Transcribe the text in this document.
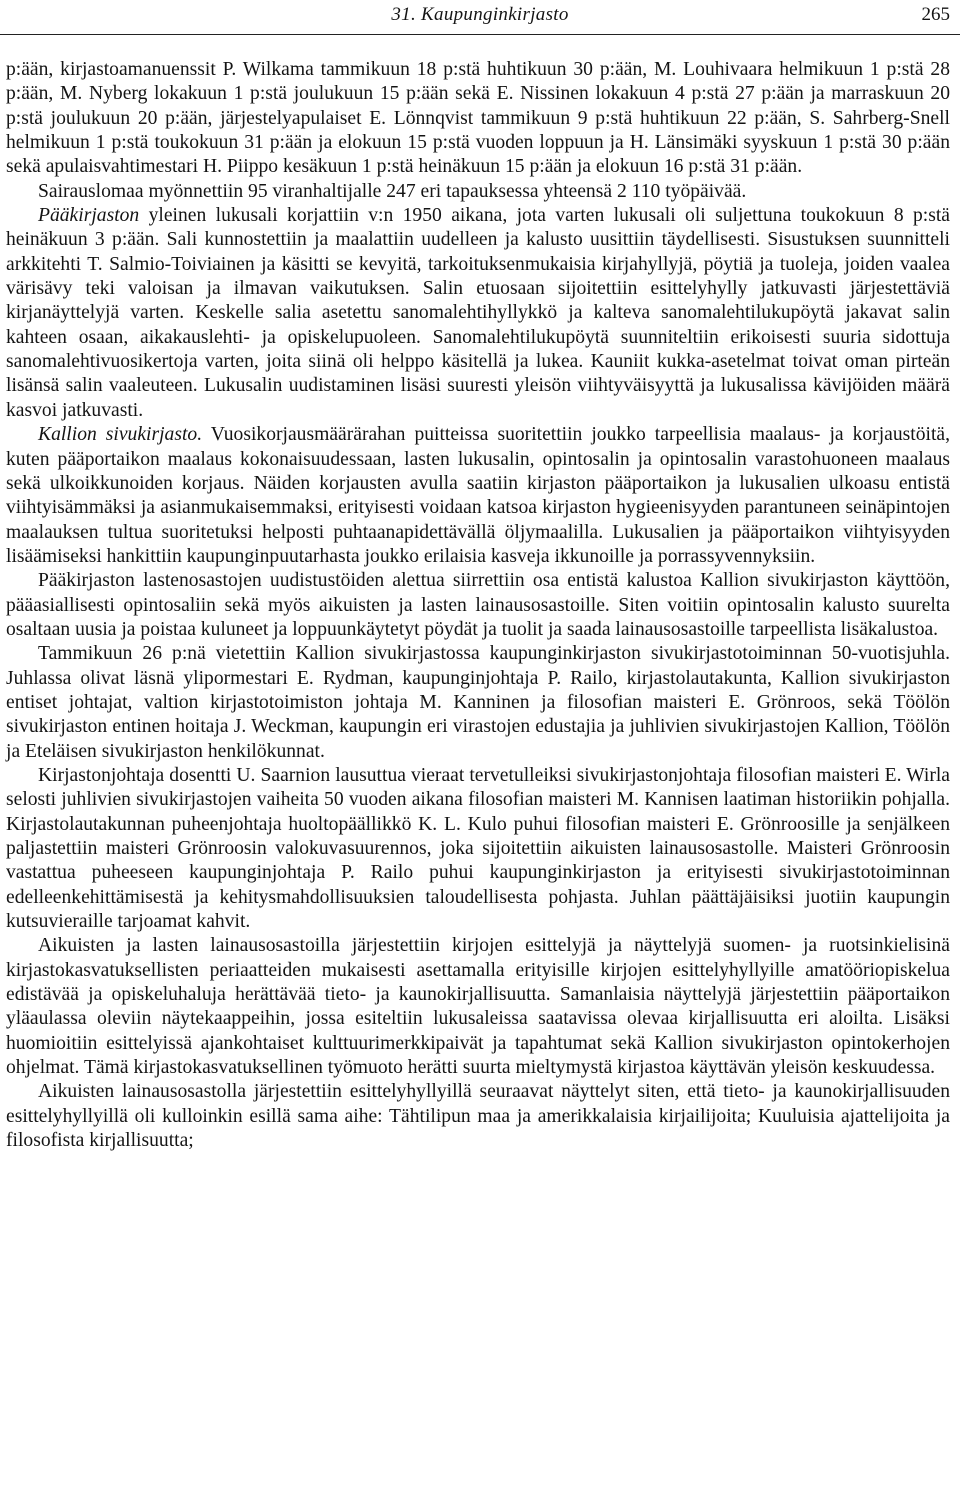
31. Kaupunginkirjasto	265

p:ään, kirjastoamanuenssit P. Wilkama tammikuun 18 p:stä huhtikuun 30 p:ään, M. Louhivaara helmikuun 1 p:stä 28 p:ään, M. Nyberg lokakuun 1 p:stä joulukuun 15 p:ään sekä E. Nissinen lokakuun 4 p:stä 27 p:ään ja marraskuun 20 p:stä joulukuun 20 p:ään, järjestelyapulaiset E. Lönnqvist tammikuun 9 p:stä huhtikuun 22 p:ään, S. Sahrberg-Snell helmikuun 1 p:stä toukokuun 31 p:ään ja elokuun 15 p:stä vuoden loppuun ja H. Länsimäki syyskuun 1 p:stä 30 p:ään sekä apulaisvahtimestari H. Piippo kesäkuun 1 p:stä heinäkuun 15 p:ään ja elokuun 16 p:stä 31 p:ään.

Sairauslomaa myönnettiin 95 viranhaltijalle 247 eri tapauksessa yhteensä 2 110 työpäivää.

Pääkirjaston yleinen lukusali korjattiin v:n 1950 aikana, jota varten lukusali oli suljettuna toukokuun 8 p:stä heinäkuun 3 p:ään. Sali kunnostettiin ja maalattiin uudelleen ja kalusto uusittiin täydellisesti. Sisustuksen suunnitteli arkkitehti T. Salmio-Toiviainen ja käsitti se kevyitä, tarkoituksenmukaisia kirjahyllyjä, pöytiä ja tuoleja, joiden vaalea värisävy teki valoisan ja ilmavan vaikutuksen. Salin etuosaan sijoitettiin esittelyhylly jatkuvasti järjestettäviä kirjanäyttelyjä varten. Keskelle salia asetettu sanomalehtihyllykkö ja kalteva sanomalehtilukupöytä jakavat salin kahteen osaan, aikakauslehti- ja opiskelupuoleen. Sanomalehtilukupöytä suunniteltiin erikoisesti suuria sidottuja sanomalehtivuosikertoja varten, joita siinä oli helppo käsitellä ja lukea. Kauniit kukka-asetelmat toivat oman pirteän lisänsä salin vaaleuteen. Lukusalin uudistaminen lisäsi suuresti yleisön viihtyväisyyttä ja lukusalissa kävijöiden määrä kasvoi jatkuvasti.

Kallion sivukirjasto. Vuosikorjausmäärärahan puitteissa suoritettiin joukko tarpeellisia maalaus- ja korjaustöitä, kuten pääportaikon maalaus kokonaisuudessaan, lasten lukusalin, opintosalin ja opintosalin varastohuoneen maalaus sekä ulkoikkunoiden korjaus. Näiden korjausten avulla saatiin kirjaston pääportaikon ja lukusalien ulkoasu entistä viihtyisämmäksi ja asianmukaisemmaksi, erityisesti voidaan katsoa kirjaston hygieenisyyden parantuneen seinäpintojen maalauksen tultua suoritetuksi helposti puhtaanapidettävällä öljymaalilla. Lukusalien ja pääportaikon viihtyisyyden lisäämiseksi hankittiin kaupunginpuutarhasta joukko erilaisia kasveja ikkunoille ja porrassyvennyksiin.

Pääkirjaston lastenosastojen uudistustöiden alettua siirrettiin osa entistä kalustoa Kallion sivukirjaston käyttöön, pääasiallisesti opintosaliin sekä myös aikuisten ja lasten lainausosastoille. Siten voitiin opintosalin kalusto suurelta osaltaan uusia ja poistaa kuluneet ja loppuunkäytetyt pöydät ja tuolit ja saada lainausosastoille tarpeellista lisäkalustoa.

Tammikuun 26 p:nä vietettiin Kallion sivukirjastossa kaupunginkirjaston sivukirjastotoiminnan 50-vuotisjuhla. Juhlassa olivat läsnä ylipormestari E. Rydman, kaupunginjohtaja P. Railo, kirjastolautakunta, Kallion sivukirjaston entiset johtajat, valtion kirjastotoimiston johtaja M. Kanninen ja filosofian maisteri E. Grönroos, sekä Töölön sivukirjaston entinen hoitaja J. Weckman, kaupungin eri virastojen edustajia ja juhlivien sivukirjastojen Kallion, Töölön ja Eteläisen sivukirjaston henkilökunnat.

Kirjastonjohtaja dosentti U. Saarnion lausuttua vieraat tervetulleiksi sivukirjastonjohtaja filosofian maisteri E. Wirla selosti juhlivien sivukirjastojen vaiheita 50 vuoden aikana filosofian maisteri M. Kannisen laatiman historiikin pohjalla. Kirjastolautakunnan puheenjohtaja huoltopäällikkö K. L. Kulo puhui filosofian maisteri E. Grönroosille ja senjälkeen paljastettiin maisteri Grönroosin valokuvasuurennos, joka sijoitettiin aikuisten lainausosastolle. Maisteri Grönroosin vastattua puheeseen kaupunginjohtaja P. Railo puhui kaupunginkirjaston ja erityisesti sivukirjastotoiminnan edelleenkehittämisestä ja kehitysmahdollisuuksien taloudellisesta pohjasta. Juhlan päättäjäisiksi juotiin kaupungin kutsuvieraille tarjoamat kahvit.

Aikuisten ja lasten lainausosastoilla järjestettiin kirjojen esittelyjä ja näyttelyjä suomen- ja ruotsinkielisinä kirjastokasvatuksellisten periaatteiden mukaisesti asettamalla erityisille kirjojen esittelyhyllyille amatööriopiskelua edistävää ja opiskeluhaluja herättävää tieto- ja kaunokirjallisuutta. Samanlaisia näyttelyjä järjestettiin pääportaikon yläaulassa oleviin näytekaappeihin, jossa esiteltiin lukusaleissa saatavissa olevaa kirjallisuutta eri aloilta. Lisäksi huomioitiin esittelyissä ajankohtaiset kulttuurimerkkipaivät ja tapahtumat sekä Kallion sivukirjaston opintokerhojen ohjelmat. Tämä kirjastokasvatuksellinen työmuoto herätti suurta mieltymystä kirjastoa käyttävän yleisön keskuudessa.

Aikuisten lainausosastolla järjestettiin esittelyhyllyillä seuraavat näyttelyt siten, että tieto- ja kaunokirjallisuuden esittelyhyllyillä oli kulloinkin esillä sama aihe: Tähtilipun maa ja amerikkalaisia kirjailijoita; Kuuluisia ajattelijoita ja filosofista kirjallisuutta;
